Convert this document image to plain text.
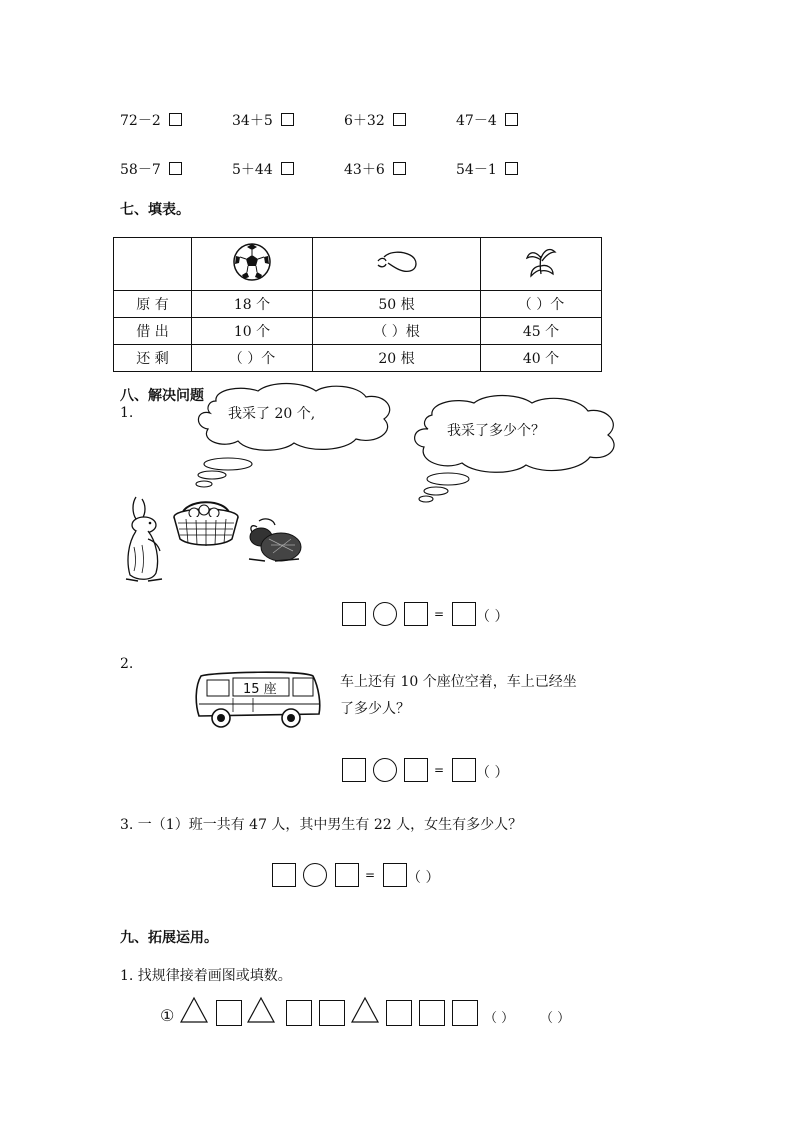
72－2	34＋5	6＋32	47－4
58－7	5＋44	43＋6	54－1
七、填表。

原 有	18 个	50 根	（ ）个
借 出	10 个	（ ）根	45 个
还 剩	（ ）个	20 根	40 个
八、解决问题
1.	我采了 20 个,
我采了多少个？
= （ ）
2.
15 座	车上还有 10 个座位空着，车上已经坐
了多少人？
= （ ）
3. 一（1）班一共有 47 人，其中男生有 22 人，女生有多少人？
= （ ）
九、拓展运用。
1. 找规律接着画图或填数。
①	（ ） （ ）
